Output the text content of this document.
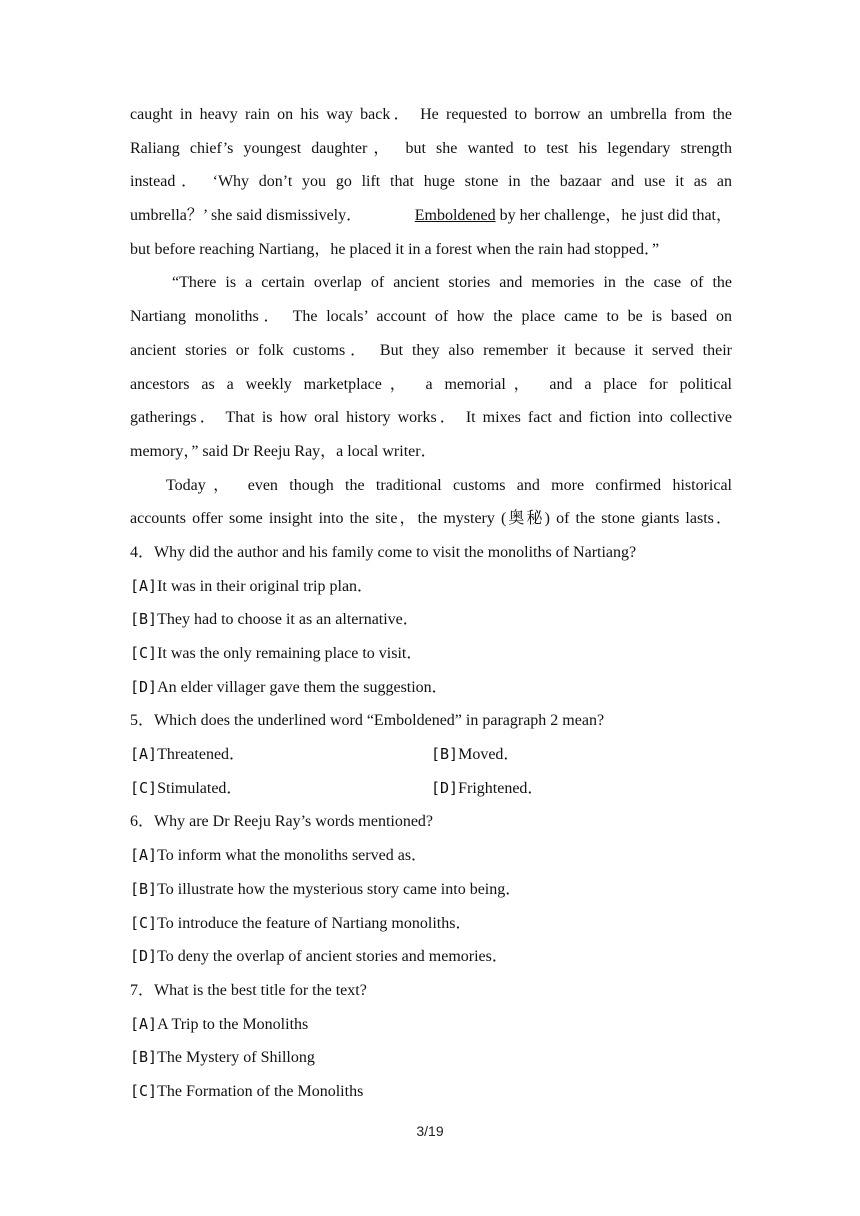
caught in heavy rain on his way back． He requested to borrow an umbrella from the
Raliang chief’s youngest daughter， but she wanted to test his legendary strength
instead． ‘Why don’t you go lift that huge stone in the bazaar and use it as an
umbrella？’ she said dismissively．	Emboldened by her challenge，he just did that，
but before reaching Nartiang，he placed it in a forest when the rain had stopped．”
“There is a certain overlap of ancient stories and memories in the case of the
Nartiang monoliths． The locals’ account of how the place came to be is based on
ancient stories or folk customs． But they also remember it because it served their
ancestors as a weekly marketplace， a memorial， and a place for political
gatherings． That is how oral history works． It mixes fact and fiction into collective
memory，” said Dr Reeju Ray，a local writer．
Today， even though the traditional customs and more confirmed historical
accounts offer some insight into the site，the mystery (奥秘) of the stone giants lasts．
4．Why did the author and his family come to visit the monoliths of Nartiang?
[A]It was in their original trip plan．
[B]They had to choose it as an alternative．
[C]It was the only remaining place to visit．
[D]An elder villager gave them the suggestion．
5．Which does the underlined word “Emboldened” in paragraph 2 mean?
[A]Threatened．	[B]Moved．
[C]Stimulated．	[D]Frightened．
6．Why are Dr Reeju Ray’s words mentioned?
[A]To inform what the monoliths served as．
[B]To illustrate how the mysterious story came into being．
[C]To introduce the feature of Nartiang monoliths．
[D]To deny the overlap of ancient stories and memories．
7．What is the best title for the text?
[A]A Trip to the Monoliths
[B]The Mystery of Shillong
[C]The Formation of the Monoliths
3/19
